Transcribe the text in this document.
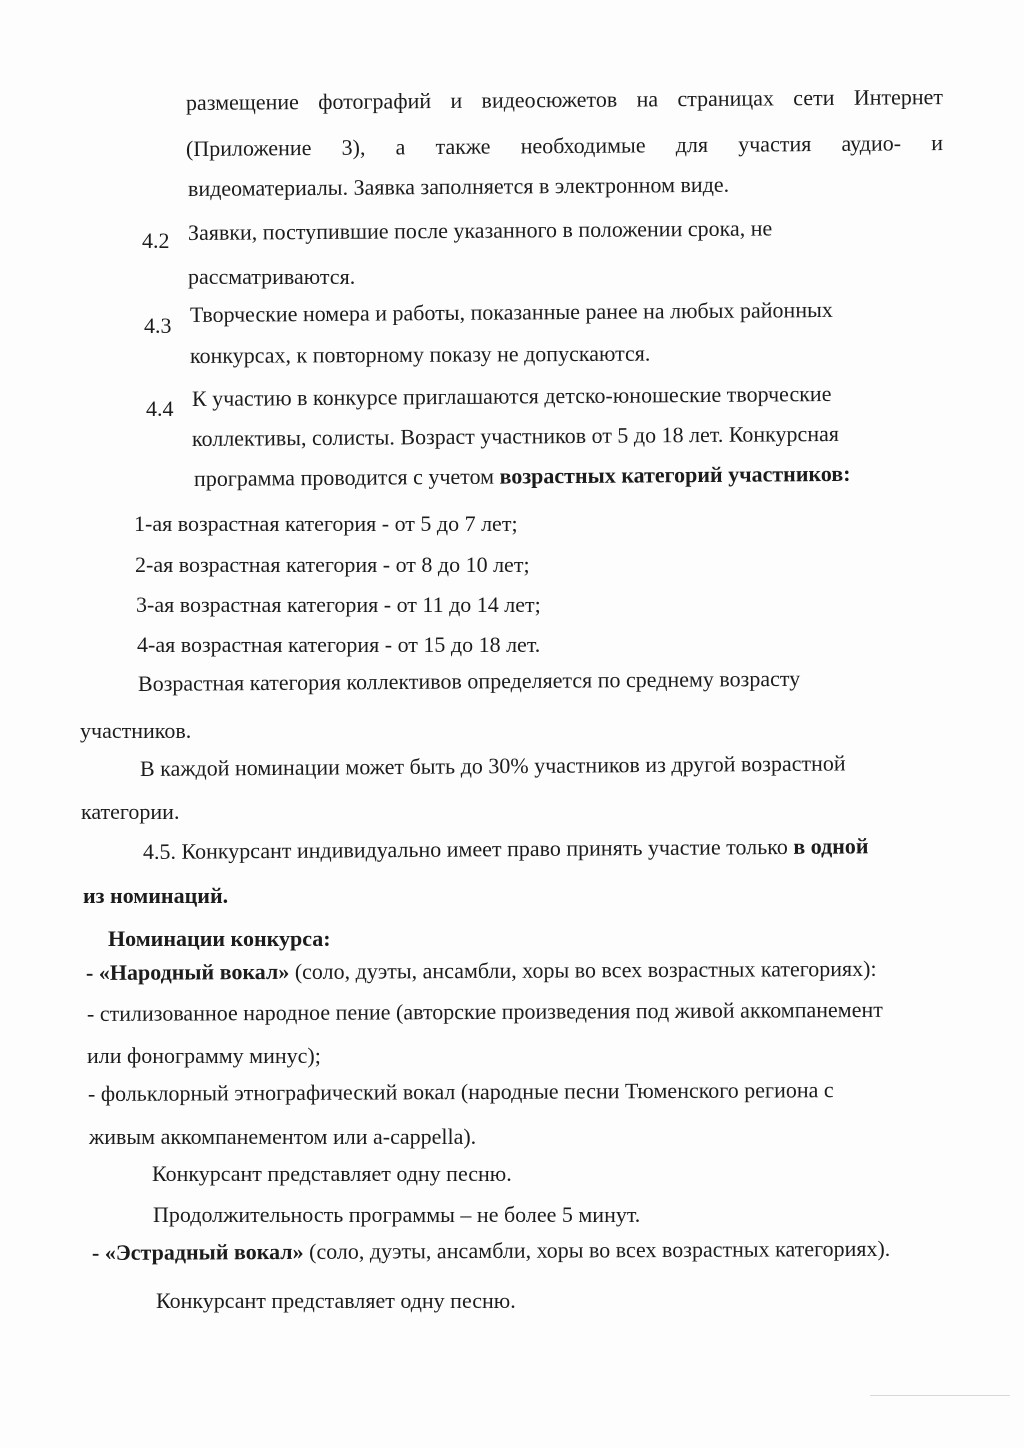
размещение фотографий и видеосюжетов на страницах сети Интернет
(Приложение 3), а также необходимые для участия аудио- и
видеоматериалы. Заявка заполняется в электронном виде.
4.2 Заявки, поступившие после указанного в положении срока, не
рассматриваются.
4.3 Творческие номера и работы, показанные ранее на любых районных
конкурсах, к повторному показу не допускаются.
4.4 К участию в конкурсе приглашаются детско-юношеские творческие
коллективы, солисты. Возраст участников от 5 до 18 лет. Конкурсная
программа проводится с учетом возрастных категорий участников:
1-ая возрастная категория - от 5 до 7 лет;
2-ая возрастная категория - от 8 до 10 лет;
3-ая возрастная категория - от 11 до 14 лет;
4-ая возрастная категория - от 15 до 18 лет.
Возрастная категория коллективов определяется по среднему возрасту
участников.
В каждой номинации может быть до 30% участников из другой возрастной
категории.
4.5. Конкурсант индивидуально имеет право принять участие только в одной
из номинаций.
Номинации конкурса:
- «Народный вокал» (соло, дуэты, ансамбли, хоры во всех возрастных категориях):
- стилизованное народное пение (авторские произведения под живой аккомпанемент
или фонограмму минус);
- фольклорный этнографический вокал (народные песни Тюменского региона с
живым аккомпанементом или a-cappella).
Конкурсант представляет одну песню.
Продолжительность программы – не более 5 минут.
- «Эстрадный вокал» (соло, дуэты, ансамбли, хоры во всех возрастных категориях).
Конкурсант представляет одну песню.
